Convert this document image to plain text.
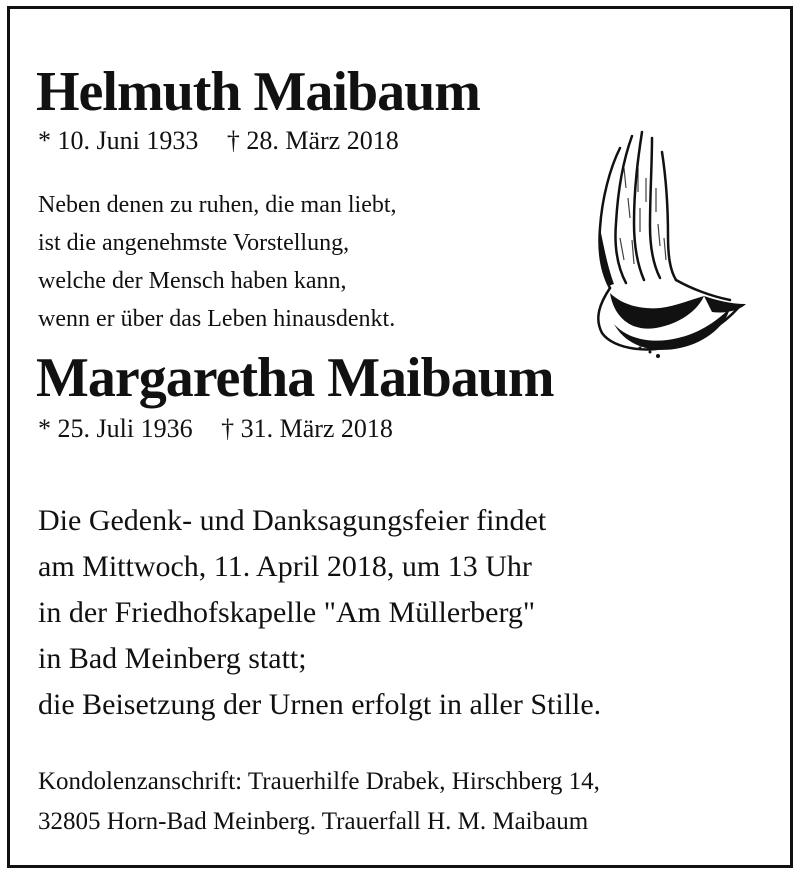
Helmuth Maibaum
* 10. Juni 1933 † 28. März 2018
Neben denen zu ruhen, die man liebt,
ist die angenehmste Vorstellung,
welche der Mensch haben kann,
wenn er über das Leben hinausdenkt.
Margaretha Maibaum
* 25. Juli 1936 † 31. März 2018
Die Gedenk- und Danksagungsfeier findet
am Mittwoch, 11. April 2018, um 13 Uhr
in der Friedhofskapelle "Am Müllerberg"
in Bad Meinberg statt;
die Beisetzung der Urnen erfolgt in aller Stille.
Kondolenzanschrift: Trauerhilfe Drabek, Hirschberg 14,
32805 Horn-Bad Meinberg. Trauerfall H. M. Maibaum
